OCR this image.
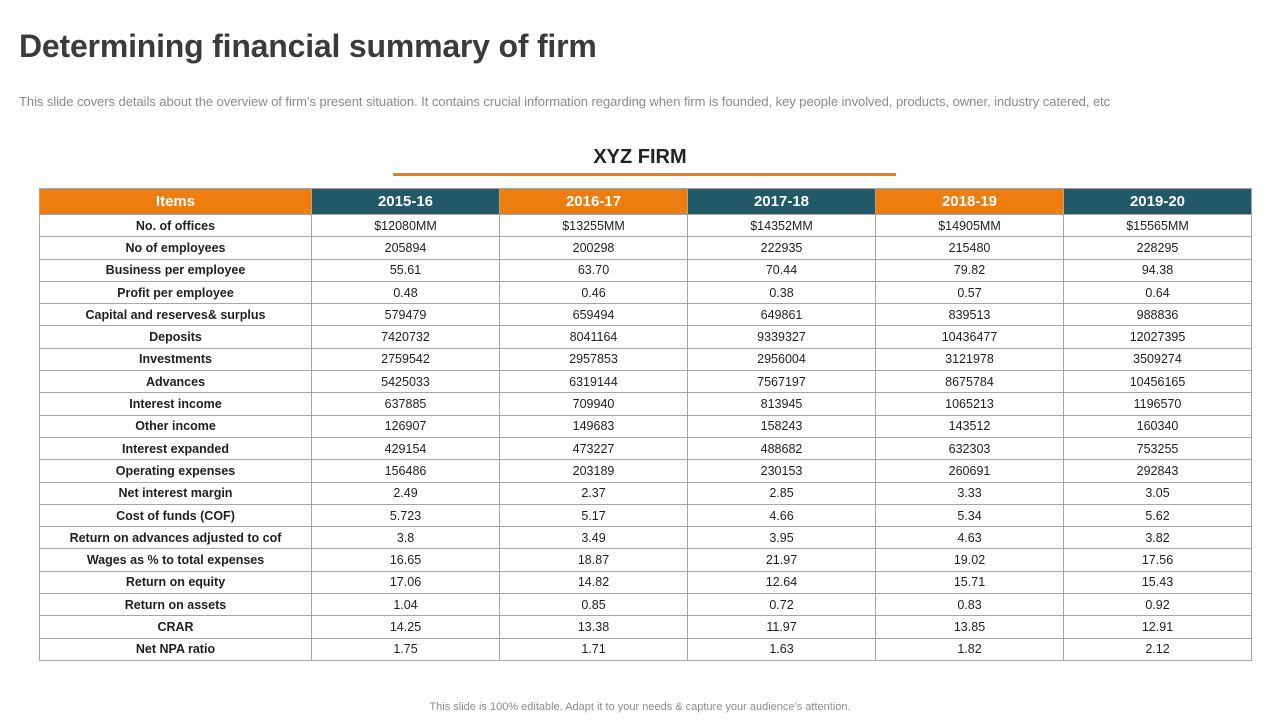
Determining financial summary of firm
This slide covers details about the overview of firm’s present situation. It contains crucial information regarding when firm is founded, key people involved, products, owner, industry catered, etc
XYZ FIRM
Items	2015-16	2016-17	2017-18	2018-19	2019-20
No. of offices	$12080MM	$13255MM	$14352MM	$14905MM	$15565MM
No of employees	205894	200298	222935	215480	228295
Business per employee	55.61	63.70	70.44	79.82	94.38
Profit per employee	0.48	0.46	0.38	0.57	0.64
Capital and reserves& surplus	579479	659494	649861	839513	988836
Deposits	7420732	8041164	9339327	10436477	12027395
Investments	2759542	2957853	2956004	3121978	3509274
Advances	5425033	6319144	7567197	8675784	10456165
Interest income	637885	709940	813945	1065213	1196570
Other income	126907	149683	158243	143512	160340
Interest expanded	429154	473227	488682	632303	753255
Operating expenses	156486	203189	230153	260691	292843
Net interest margin	2.49	2.37	2.85	3.33	3.05
Cost of funds (COF)	5.723	5.17	4.66	5.34	5.62
Return on advances adjusted to cof	3.8	3.49	3.95	4.63	3.82
Wages as % to total expenses	16.65	18.87	21.97	19.02	17.56
Return on equity	17.06	14.82	12.64	15.71	15.43
Return on assets	1.04	0.85	0.72	0.83	0.92
CRAR	14.25	13.38	11.97	13.85	12.91
Net NPA ratio	1.75	1.71	1.63	1.82	2.12
This slide is 100% editable. Adapt it to your needs & capture your audience’s attention.
